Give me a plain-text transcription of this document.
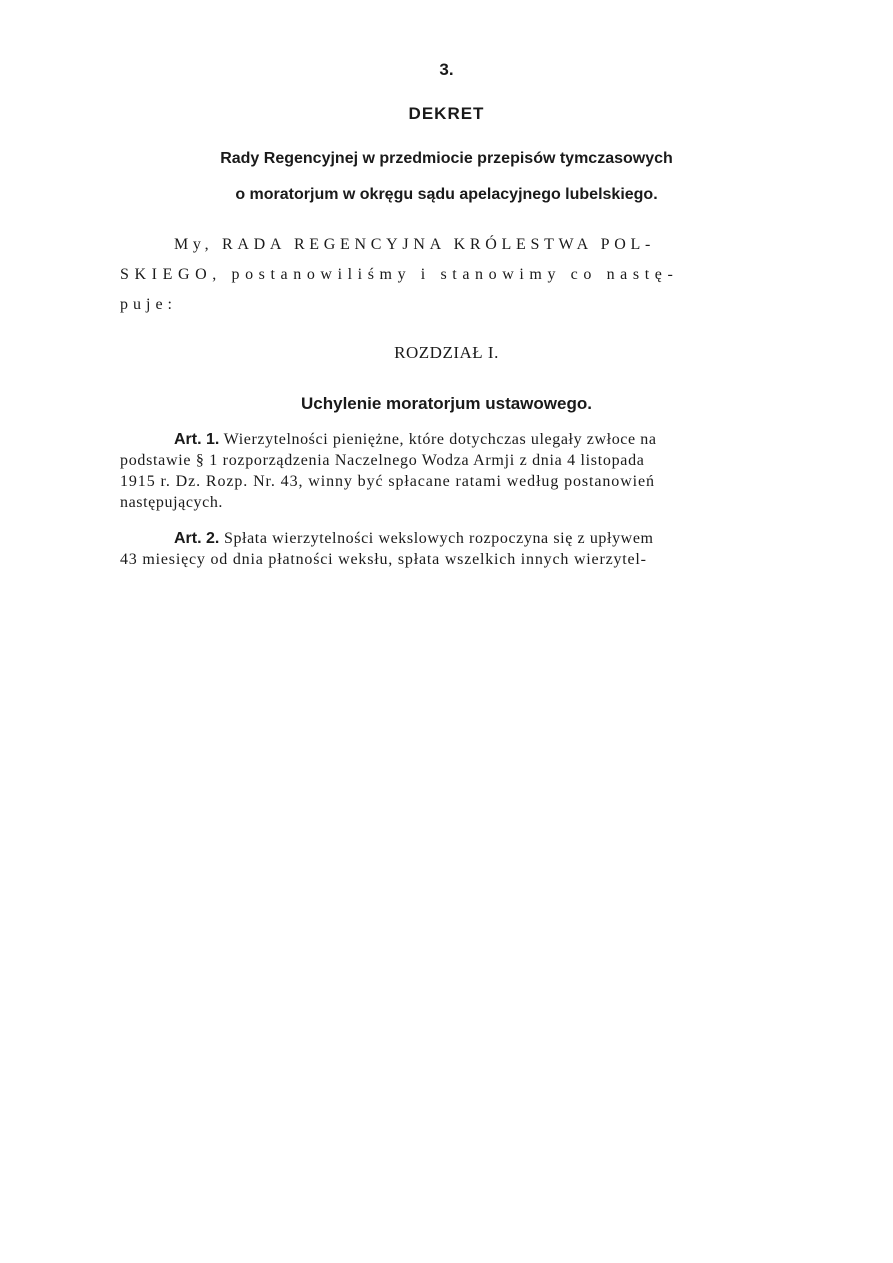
3.
DEKRET
Rady Regencyjnej w przedmiocie przepisów tymczasowych
o moratorjum w okręgu sądu apelacyjnego lubelskiego.
My, RADA REGENCYJNA KRÓLESTWA POL-
SKIEGO, postanowiliśmy i stanowimy co nastę-
puje:
ROZDZIAŁ I.
Uchylenie moratorjum ustawowego.
Art. 1. Wierzytelności pieniężne, które dotychczas ulegały zwłoce na
podstawie § 1 rozporządzenia Naczelnego Wodza Armji z dnia 4 listopada
1915 r. Dz. Rozp. Nr. 43, winny być spłacane ratami według postanowień
następujących.
Art. 2. Spłata wierzytelności wekslowych rozpoczyna się z upływem
43 miesięcy od dnia płatności weksłu, spłata wszelkich innych wierzytel-
